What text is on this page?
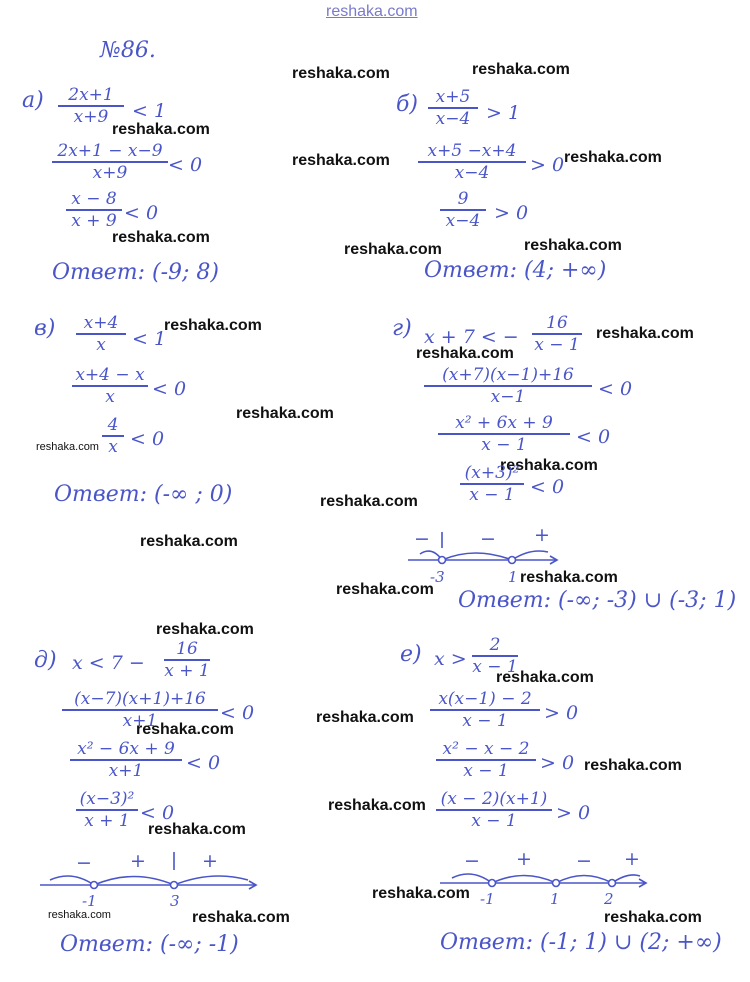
reshaka.com
reshaka.com	reshaka.com
reshaka.com
reshaka.com	reshaka.com
reshaka.com
reshaka.com	reshaka.com
reshaka.com	reshaka.com
reshaka.com
reshaka.com
reshaka.com
reshaka.com
reshaka.com
reshaka.com
reshaka.com
reshaka.com
reshaka.com
reshaka.com
reshaka.com
reshaka.com
reshaka.com
reshaka.com
reshaka.com
reshaka.com
reshaka.com	reshaka.com	reshaka.com
№86.
а)	2x+1
x+9	< 1
2x+1 − x−9
x+9	< 0
x − 8
x + 9 < 0
Ответ: (-9; 8)
б)	x+5
x−4 > 1
x+5 −x+4
x−4	> 0
9
x−4 > 0
Ответ: (4; +∞)
в)	x+4
x	< 1
x+4 − x
x	< 0
4
x < 0
Ответ: (-∞ ; 0)
г) x + 7 < −
16
x − 1
(x+7)(x−1)+16
x−1	< 0
x² + 6x + 9
x − 1	< 0
(x+3)²
x − 1 < 0
−	− +
-3	1
Ответ: (-∞; -3) ∪ (-3; 1)
д) x < 7 −
16
x + 1
(x−7)(x+1)+16
x+1	< 0
x² − 6x + 9
x+1	< 0
(x−3)²
x + 1 < 0
− +	+
-1	3
Ответ: (-∞; -1)
е) x >
2
x − 1
x(x−1) − 2
x − 1	> 0
x² − x − 2
x − 1	> 0
(x − 2)(x+1)
x − 1	> 0
− + − +
-1	1	2
Ответ: (-1; 1) ∪ (2; +∞)
